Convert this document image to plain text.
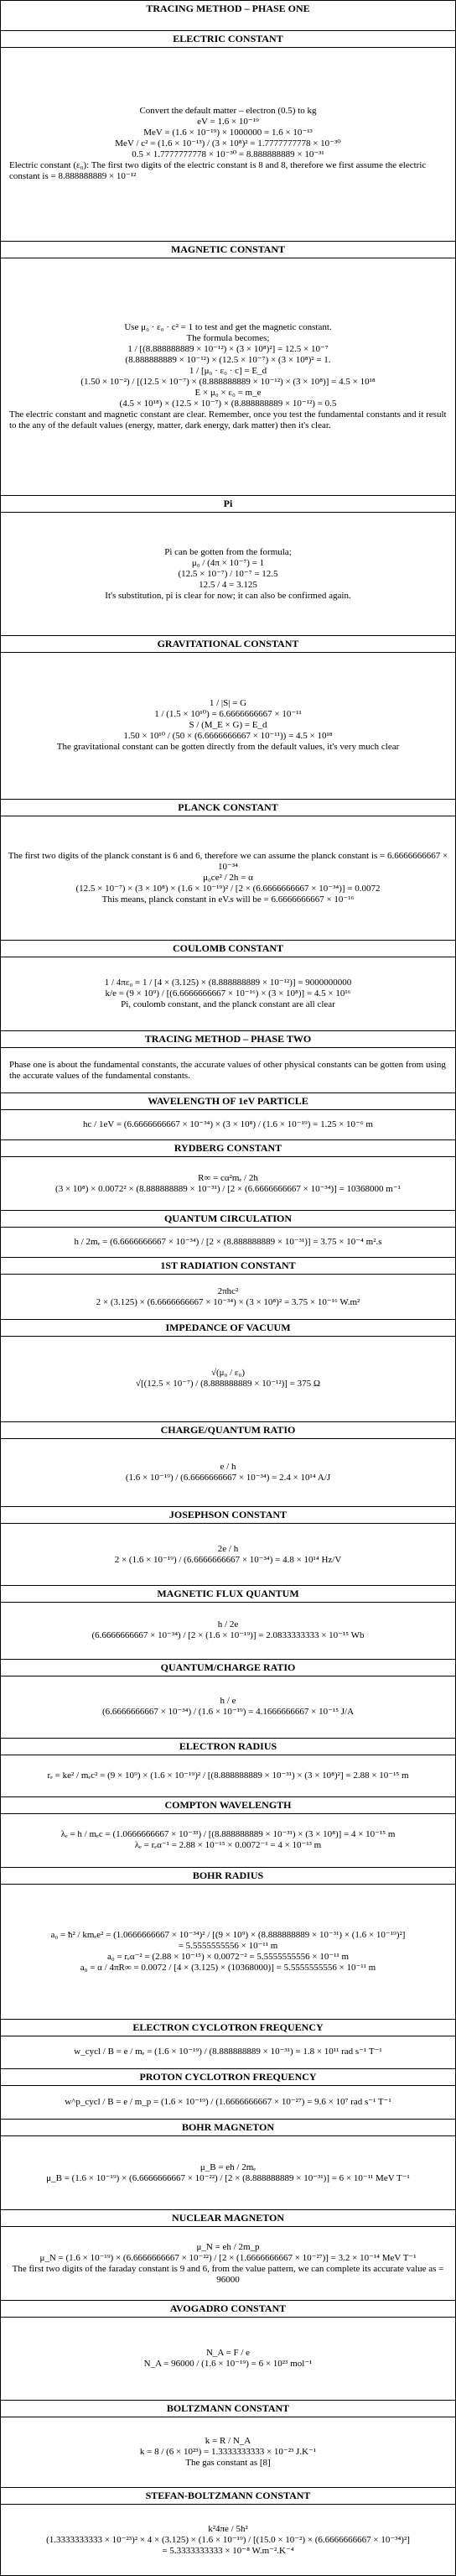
TRACING METHOD – PHASE ONE
ELECTRIC CONSTANT
Convert the default matter – electron (0.5) to kg
eV = 1.6 × 10⁻¹⁹
MeV = (1.6 × 10⁻¹⁹) × 1000000 = 1.6 × 10⁻¹³
MeV / c² = (1.6 × 10⁻¹³) / (3 × 10⁸)² = 1.7777777778 × 10⁻³⁰
0.5 × 1.7777777778 × 10⁻³⁰ = 8.888888889 × 10⁻³¹
Electric constant (ε₀): The first two digits of the electric constant is 8 and 8, therefore we first assume the electric constant is = 8.888888889 × 10⁻¹²
MAGNETIC CONSTANT
Use μ₀ · ε₀ · c² = 1 to test and get the magnetic constant.
The formula becomes;
1 / [(8.888888889 × 10⁻¹²) × (3 × 10⁸)²] = 12.5 × 10⁻⁷
(8.888888889 × 10⁻¹²) × (12.5 × 10⁻⁷) × (3 × 10⁸)² = 1.
1 / [μ₀ · ε₀ · c] = E_d
(1.50 × 10⁻²) / [(12.5 × 10⁻⁷) × (8.888888889 × 10⁻¹²) × (3 × 10⁸)] = 4.5 × 10¹⁸
E × μ₀ × ε₀ = m_e
(4.5 × 10¹⁸) × (12.5 × 10⁻⁷) × (8.888888889 × 10⁻¹²) = 0.5
The electric constant and magnetic constant are clear. Remember, once you test the fundamental constants and it result to the any of the default values (energy, matter, dark energy, dark matter) then it's clear.
Pi
Pi can be gotten from the formula;
μ₀ / (4π × 10⁻⁷) = 1
(12.5 × 10⁻⁷) / 10⁻⁷ = 12.5
12.5 / 4 = 3.125
It's substitution, pi is clear for now; it can also be confirmed again.
GRAVITATIONAL CONSTANT
1 / |S| = G
1 / (1.5 × 10¹⁰) = 6.6666666667 × 10⁻¹¹
S / (M_E × G) = E_d
1.50 × 10¹⁰ / (50 × (6.6666666667 × 10⁻¹¹)) = 4.5 × 10¹⁸
The gravitational constant can be gotten directly from the default values, it's very much clear
PLANCK CONSTANT
The first two digits of the planck constant is 6 and 6, therefore we can assume the planck constant is = 6.6666666667 × 10⁻³⁴
μ₀ce² / 2h = α
(12.5 × 10⁻⁷) × (3 × 10⁸) × (1.6 × 10⁻¹⁹)² / [2 × (6.6666666667 × 10⁻³⁴)] = 0.0072
This means, planck constant in eV.s will be = 6.6666666667 × 10⁻¹⁶
COULOMB CONSTANT
1 / 4πε₀ = 1 / [4 × (3.125) × (8.888888889 × 10⁻¹²)] = 9000000000
k/e = (9 × 10⁹) / [(6.6666666667 × 10⁻¹⁶) × (3 × 10⁸)] = 4.5 × 10¹⁶
Pi, coulomb constant, and the planck constant are all clear
TRACING METHOD – PHASE TWO
Phase one is about the fundamental constants, the accurate values of other physical constants can be gotten from using the accurate values of the fundamental constants.
WAVELENGTH OF 1eV PARTICLE
hc / 1eV = (6.6666666667 × 10⁻³⁴) × (3 × 10⁸) / (1.6 × 10⁻¹⁹) = 1.25 × 10⁻⁶ m
RYDBERG CONSTANT
R∞ = cα²mₑ / 2h
(3 × 10⁸) × 0.0072² × (8.888888889 × 10⁻³¹) / [2 × (6.6666666667 × 10⁻³⁴)] = 10368000 m⁻¹
QUANTUM CIRCULATION
h / 2mₑ = (6.6666666667 × 10⁻³⁴) / [2 × (8.888888889 × 10⁻³¹)] = 3.75 × 10⁻⁴ m².s
1ST RADIATION CONSTANT
2πhc²
2 × (3.125) × (6.6666666667 × 10⁻³⁴) × (3 × 10⁸)² = 3.75 × 10⁻¹⁶ W.m²
IMPEDANCE OF VACUUM
√(μ₀ / ε₀)
√[(12.5 × 10⁻⁷) / (8.888888889 × 10⁻¹²)] = 375 Ω
CHARGE/QUANTUM RATIO
e / h
(1.6 × 10⁻¹⁹) / (6.6666666667 × 10⁻³⁴) = 2.4 × 10¹⁴ A/J
JOSEPHSON CONSTANT
2e / h
2 × (1.6 × 10⁻¹⁹) / (6.6666666667 × 10⁻³⁴) = 4.8 × 10¹⁴ Hz/V
MAGNETIC FLUX QUANTUM
h / 2e
(6.6666666667 × 10⁻³⁴) / [2 × (1.6 × 10⁻¹⁹)] = 2.0833333333 × 10⁻¹⁵ Wb
QUANTUM/CHARGE RATIO
h / e
(6.6666666667 × 10⁻³⁴) / (1.6 × 10⁻¹⁹) = 4.1666666667 × 10⁻¹⁵ J/A
ELECTRON RADIUS
rₑ = ke² / mₑc² = (9 × 10⁹) × (1.6 × 10⁻¹⁹)² / [(8.888888889 × 10⁻³¹) × (3 × 10⁸)²] = 2.88 × 10⁻¹⁵ m
COMPTON WAVELENGTH
λₑ = h / mₑc = (1.0666666667 × 10⁻³³) / [(8.888888889 × 10⁻³¹) × (3 × 10⁸)] = 4 × 10⁻¹⁵ m
λₑ = rₑα⁻¹ = 2.88 × 10⁻¹⁵ × 0.0072⁻¹ = 4 × 10⁻¹³ m
BOHR RADIUS
a₀ = ħ² / kmₑe² = (1.0666666667 × 10⁻³⁴)² / [(9 × 10⁹) × (8.888888889 × 10⁻³¹) × (1.6 × 10⁻¹⁹)²]
= 5.5555555556 × 10⁻¹¹ m
a₀ = rₑα⁻² = (2.88 × 10⁻¹⁵) × 0.0072⁻² = 5.5555555556 × 10⁻¹¹ m
a₀ = α / 4πR∞ = 0.0072 / [4 × (3.125) × (10368000)] = 5.5555555556 × 10⁻¹¹ m
ELECTRON CYCLOTRON FREQUENCY
w_cycl / B = e / mₑ = (1.6 × 10⁻¹⁹) / (8.888888889 × 10⁻³¹) = 1.8 × 10¹¹ rad s⁻¹ T⁻¹
PROTON CYCLOTRON FREQUENCY
w^p_cycl / B = e / m_p = (1.6 × 10⁻¹⁹) / (1.6666666667 × 10⁻²⁷) = 9.6 × 10⁷ rad s⁻¹ T⁻¹
BOHR MAGNETON
μ_B = eh / 2mₑ
μ_B = (1.6 × 10⁻¹⁹) × (6.6666666667 × 10⁻²²) / [2 × (8.888888889 × 10⁻³¹)] = 6 × 10⁻¹¹ MeV T⁻¹
NUCLEAR MAGNETON
μ_N = eh / 2m_p
μ_N = (1.6 × 10⁻¹⁹) × (6.6666666667 × 10⁻²²) / [2 × (1.6666666667 × 10⁻²⁷)] = 3.2 × 10⁻¹⁴ MeV T⁻¹
The first two digits of the faraday constant is 9 and 6, from the value pattern, we can complete its accurate value as = 96000
AVOGADRO CONSTANT
N_A = F / e
N_A = 96000 / (1.6 × 10⁻¹⁹) = 6 × 10²³ mol⁻¹
BOLTZMANN CONSTANT
k = R / N_A
k = 8 / (6 × 10²³) = 1.3333333333 × 10⁻²³ J.K⁻¹
The gas constant as [8]
STEFAN-BOLTZMANN CONSTANT
k²4πe / 5h²
(1.3333333333 × 10⁻²³)² × 4 × (3.125) × (1.6 × 10⁻¹⁹) / [(15.0 × 10⁻²) × (6.6666666667 × 10⁻³⁴)²]
= 5.3333333333 × 10⁻⁸ W.m⁻².K⁻⁴
